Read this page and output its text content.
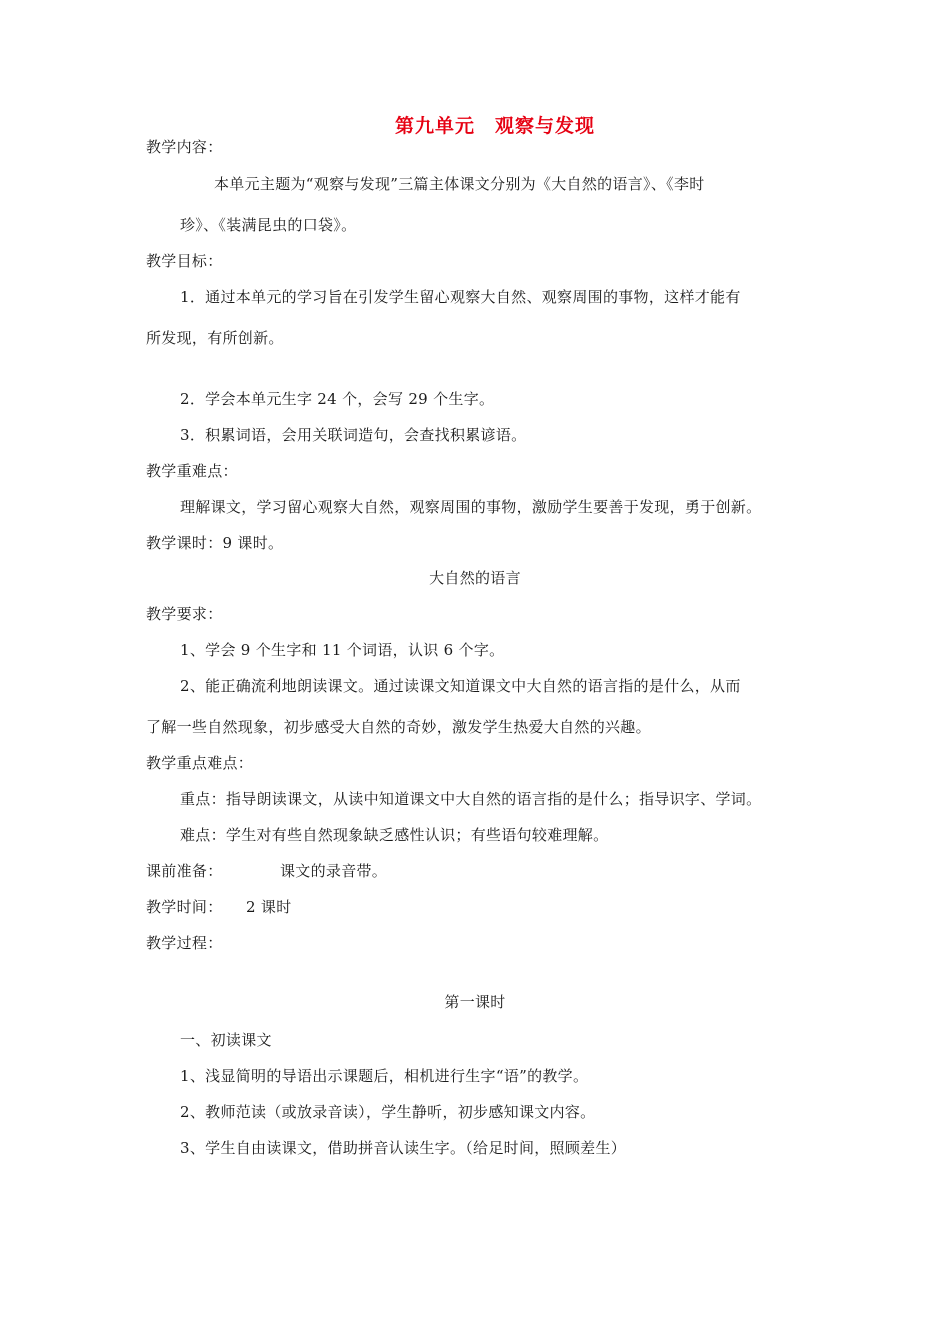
第九单元　观察与发现
教学内容：
本单元主题为“观察与发现”三篇主体课文分别为《大自然的语言》、《李时
珍》、《装满昆虫的口袋》。
教学目标：
1．通过本单元的学习旨在引发学生留心观察大自然、观察周围的事物，这样才能有
所发现，有所创新。
2．学会本单元生字 24 个，会写 29 个生字。
3．积累词语，会用关联词造句，会查找积累谚语。
教学重难点：
理解课文，学习留心观察大自然，观察周围的事物，激励学生要善于发现，勇于创新。
教学课时：9 课时。
大自然的语言
教学要求：
1、学会 9 个生字和 11 个词语，认识 6 个字。
2、能正确流利地朗读课文。通过读课文知道课文中大自然的语言指的是什么，从而
了解一些自然现象，初步感受大自然的奇妙，激发学生热爱大自然的兴趣。
教学重点难点：
重点：指导朗读课文，从读中知道课文中大自然的语言指的是什么；指导识字、学词。
难点：学生对有些自然现象缺乏感性认识；有些语句较难理解。
课前准备：	课文的录音带。
教学时间： 2 课时
教学过程：
第一课时
一、初读课文
1、浅显简明的导语出示课题后，相机进行生字“语”的教学。
2、教师范读（或放录音读），学生静听，初步感知课文内容。
3、学生自由读课文，借助拼音认读生字。（给足时间，照顾差生）
